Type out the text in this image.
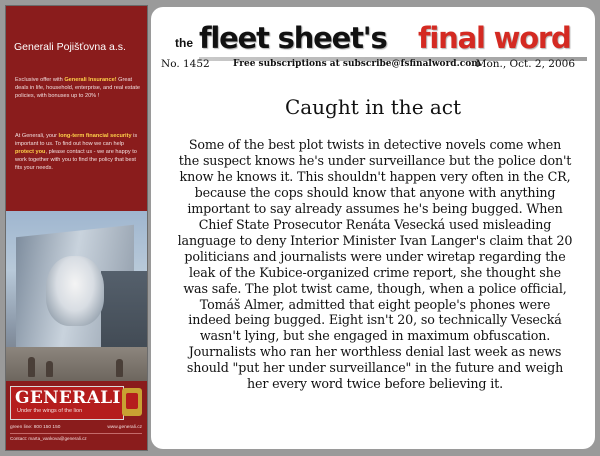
Generali Pojišťovna a.s.
Exclusive offer with Generali Insurance! Great deals in life, household, enterprise, and real estate policies, with bonuses up to 20% !
At Generali, your long-term financial security is important to us. To find out how we can help protect you, please contact us - we are happy to work together with you to find the policy that best fits your needs.
GENERALI
Under the wings of the lion
green line: 800 150 150	www.generali.cz
Contact: marta_vankova@generali.cz
the fleet sheet's final word
No. 1452	Free subscriptions at subscribe@fsfinalword.com
Mon., Oct. 2, 2006
Caught in the act
Some of the best plot twists in detective novels come when the suspect knows he's under surveillance but the police don't know he knows it. This shouldn't happen very often in the CR, because the cops should know that anyone with anything important to say already assumes he's being bugged. When Chief State Prosecutor Renáta Vesecká used misleading language to deny Interior Minister Ivan Langer's claim that 20 politicians and journalists were under wiretap regarding the leak of the Kubice-organized crime report, she thought she was safe. The plot twist came, though, when a police official, Tomáš Almer, admitted that eight people's phones were indeed being bugged. Eight isn't 20, so technically Vesecká wasn't lying, but she engaged in maximum obfuscation. Journalists who ran her worthless denial last week as news should "put her under surveillance" in the future and weigh her every word twice before believing it.
